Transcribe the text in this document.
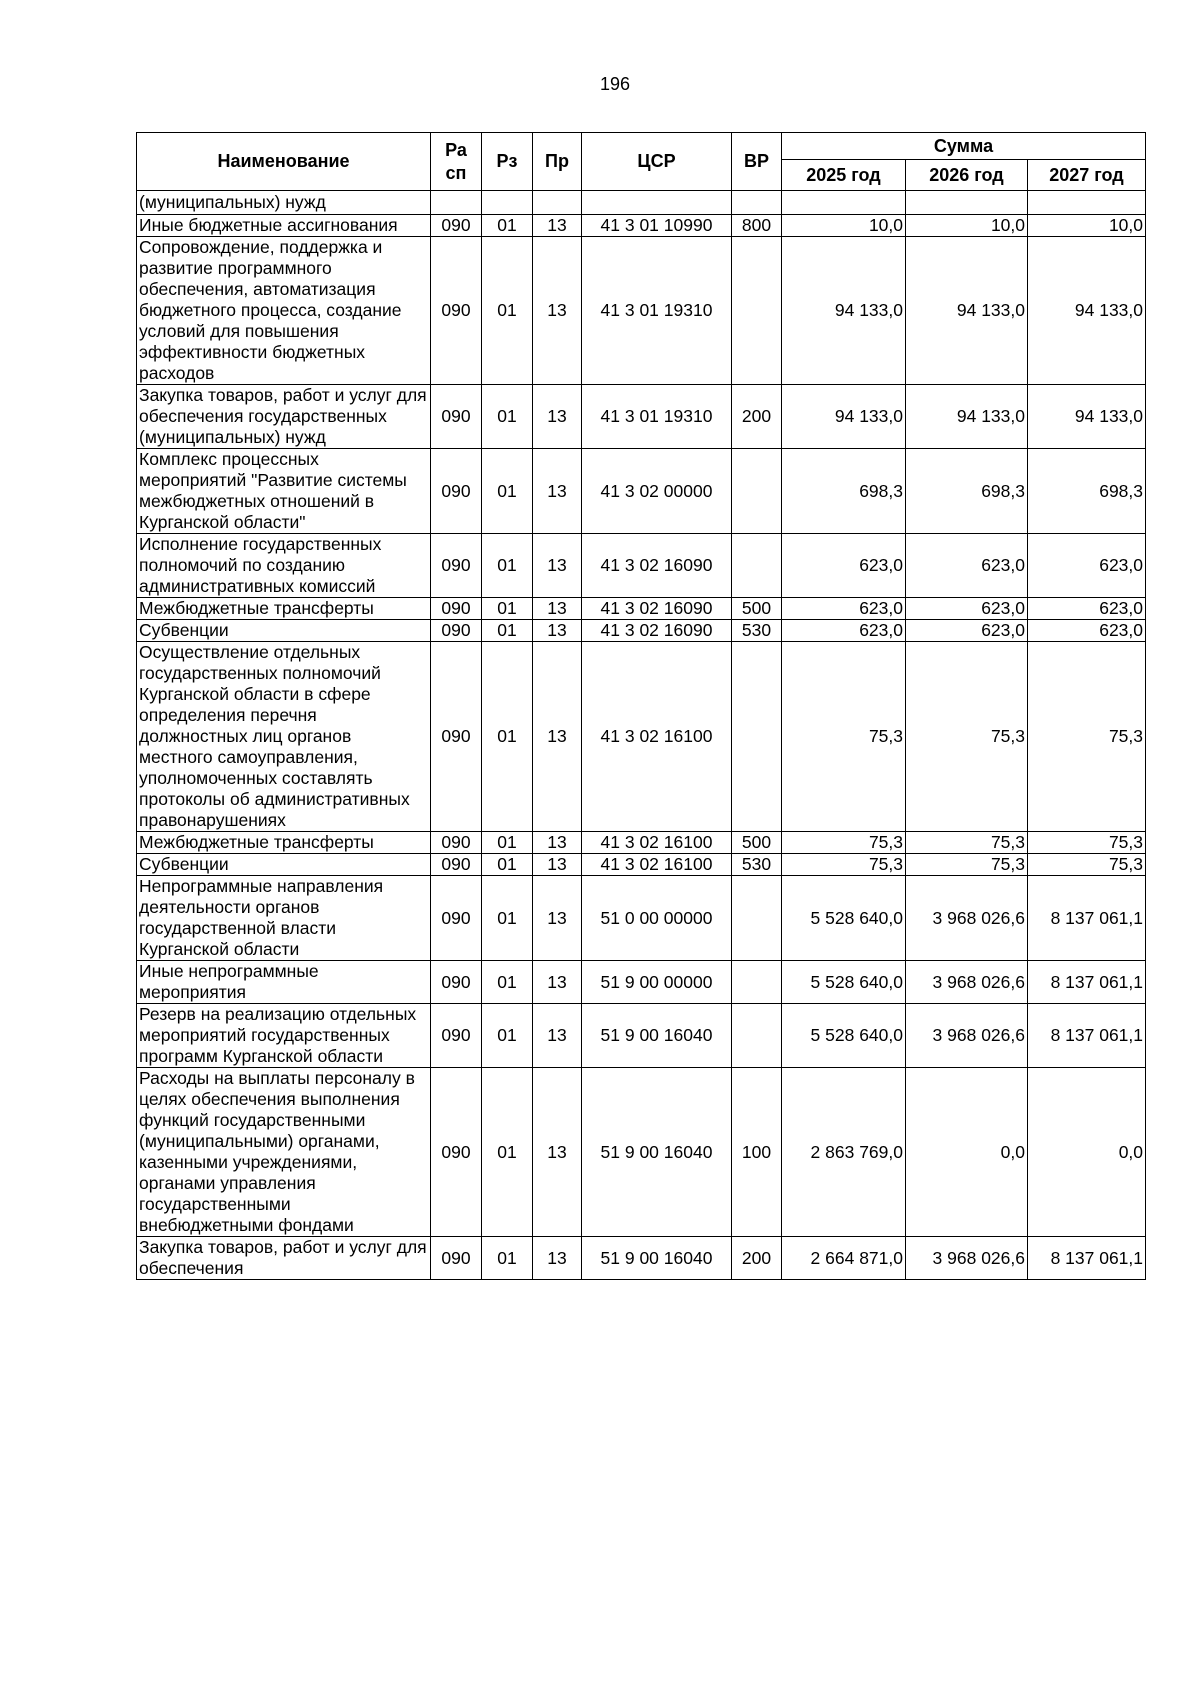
196
Наименование	Ра сп	Рз	Пр	ЦСР	ВР	Сумма		
						2025 год	2026 год	2027 год
(муниципальных) нужд								
Иные бюджетные ассигнования	090	01	13	41 3 01 10990	800	10,0	10,0	10,0
Сопровождение, поддержка и развитие программного обеспечения, автоматизация бюджетного процесса, создание условий для повышения эффективности бюджетных расходов	090	01	13	41 3 01 19310		94 133,0	94 133,0	94 133,0
Закупка товаров, работ и услуг для обеспечения государственных (муниципальных) нужд	090	01	13	41 3 01 19310	200	94 133,0	94 133,0	94 133,0
Комплекс процессных мероприятий "Развитие системы межбюджетных отношений в Курганской области"	090	01	13	41 3 02 00000		698,3	698,3	698,3
Исполнение государственных полномочий по созданию административных комиссий	090	01	13	41 3 02 16090		623,0	623,0	623,0
Межбюджетные трансферты	090	01	13	41 3 02 16090	500	623,0	623,0	623,0
Субвенции	090	01	13	41 3 02 16090	530	623,0	623,0	623,0
Осуществление отдельных государственных полномочий Курганской области в сфере определения перечня должностных лиц органов местного самоуправления, уполномоченных составлять протоколы об административных правонарушениях	090	01	13	41 3 02 16100		75,3	75,3	75,3
Межбюджетные трансферты	090	01	13	41 3 02 16100	500	75,3	75,3	75,3
Субвенции	090	01	13	41 3 02 16100	530	75,3	75,3	75,3
Непрограммные направления деятельности органов государственной власти Курганской области	090	01	13	51 0 00 00000		5 528 640,0	3 968 026,6	8 137 061,1
Иные непрограммные мероприятия	090	01	13	51 9 00 00000		5 528 640,0	3 968 026,6	8 137 061,1
Резерв на реализацию отдельных мероприятий государственных программ Курганской области	090	01	13	51 9 00 16040		5 528 640,0	3 968 026,6	8 137 061,1
Расходы на выплаты персоналу в целях обеспечения выполнения функций государственными (муниципальными) органами, казенными учреждениями, органами управления государственными внебюджетными фондами	090	01	13	51 9 00 16040	100	2 863 769,0	0,0	0,0
Закупка товаров, работ и услуг для обеспечения	090	01	13	51 9 00 16040	200	2 664 871,0	3 968 026,6	8 137 061,1
